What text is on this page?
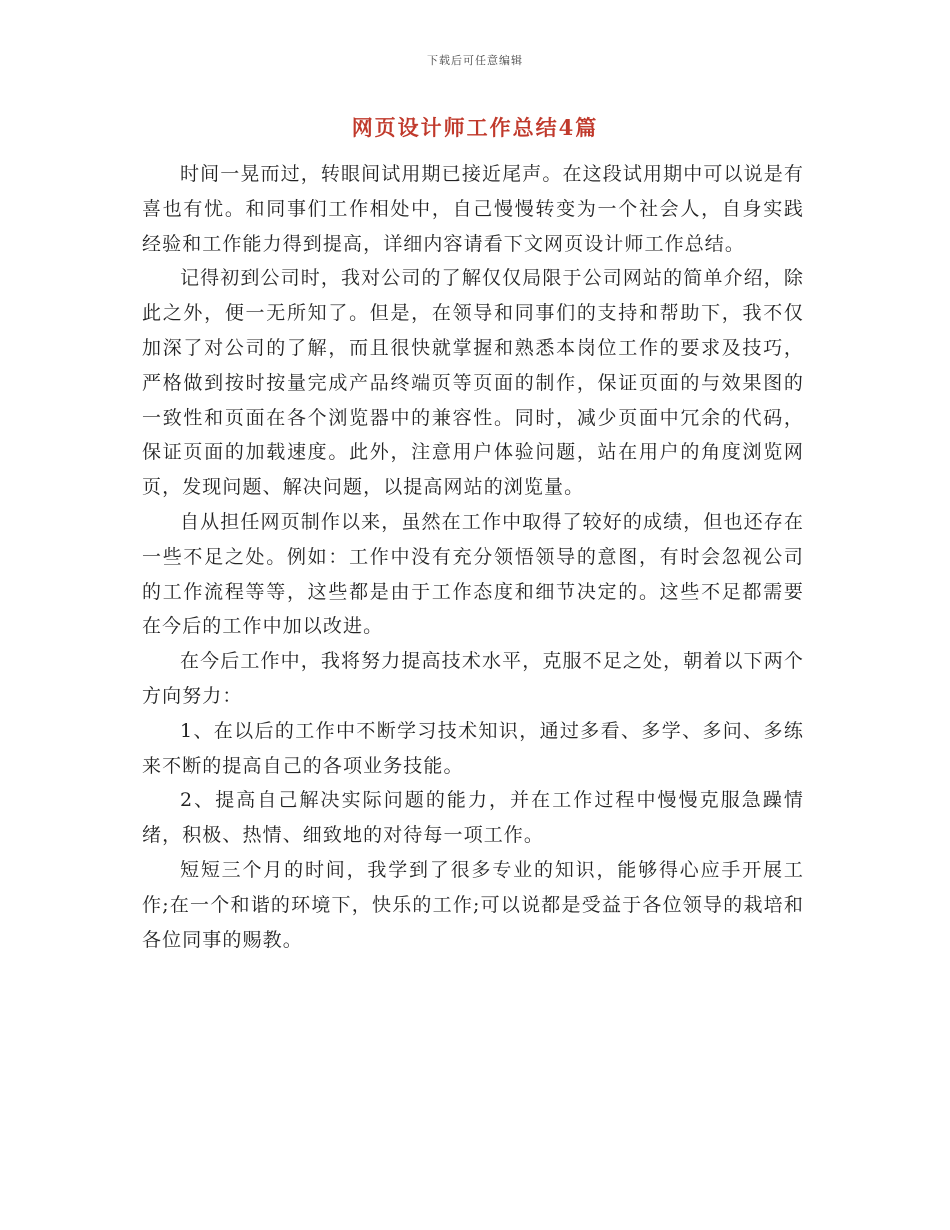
下载后可任意编辑
网页设计师工作总结4篇

时间一晃而过，转眼间试用期已接近尾声。在这段试用期中可以说是有喜也有忧。和同事们工作相处中，自己慢慢转变为一个社会人，自身实践经验和工作能力得到提高，详细内容请看下文网页设计师工作总结。

记得初到公司时，我对公司的了解仅仅局限于公司网站的简单介绍，除此之外，便一无所知了。但是，在领导和同事们的支持和帮助下，我不仅加深了对公司的了解，而且很快就掌握和熟悉本岗位工作的要求及技巧，严格做到按时按量完成产品终端页等页面的制作，保证页面的与效果图的一致性和页面在各个浏览器中的兼容性。同时，减少页面中冗余的代码，保证页面的加载速度。此外，注意用户体验问题，站在用户的角度浏览网页，发现问题、解决问题，以提高网站的浏览量。

自从担任网页制作以来，虽然在工作中取得了较好的成绩，但也还存在一些不足之处。例如：工作中没有充分领悟领导的意图，有时会忽视公司的工作流程等等，这些都是由于工作态度和细节决定的。这些不足都需要在今后的工作中加以改进。

在今后工作中，我将努力提高技术水平，克服不足之处，朝着以下两个方向努力：

1、在以后的工作中不断学习技术知识，通过多看、多学、多问、多练来不断的提高自己的各项业务技能。

2、提高自己解决实际问题的能力，并在工作过程中慢慢克服急躁情绪，积极、热情、细致地的对待每一项工作。

短短三个月的时间，我学到了很多专业的知识，能够得心应手开展工作;在一个和谐的环境下，快乐的工作;可以说都是受益于各位领导的栽培和各位同事的赐教。
